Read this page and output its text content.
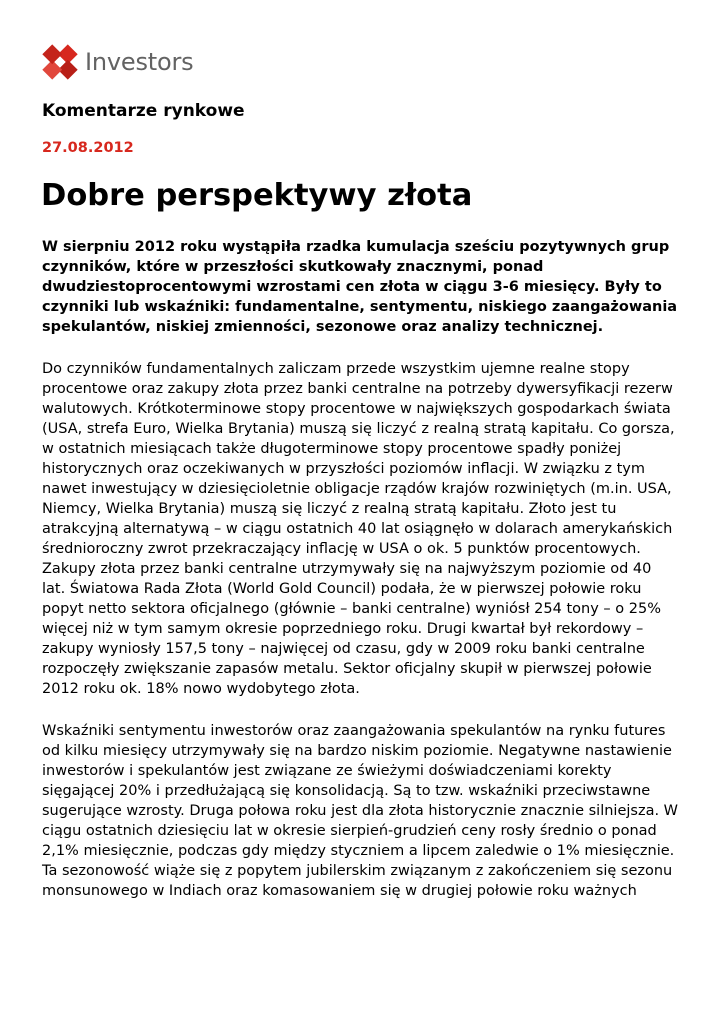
Investors
Komentarze rynkowe
27.08.2012
Dobre perspektywy złota

W sierpniu 2012 roku wystąpiła rzadka kumulacja sześciu pozytywnych grup
czynników, które w przeszłości skutkowały znacznymi, ponad
dwudziestoprocentowymi wzrostami cen złota w ciągu 3-6 miesięcy. Były to
czynniki lub wskaźniki: fundamentalne, sentymentu, niskiego zaangażowania
spekulantów, niskiej zmienności, sezonowe oraz analizy technicznej.

Do czynników fundamentalnych zaliczam przede wszystkim ujemne realne stopy
procentowe oraz zakupy złota przez banki centralne na potrzeby dywersyfikacji rezerw
walutowych. Krótkoterminowe stopy procentowe w największych gospodarkach świata
(USA, strefa Euro, Wielka Brytania) muszą się liczyć z realną stratą kapitału. Co gorsza,
w ostatnich miesiącach także długoterminowe stopy procentowe spadły poniżej
historycznych oraz oczekiwanych w przyszłości poziomów inflacji. W związku z tym
nawet inwestujący w dziesięcioletnie obligacje rządów krajów rozwiniętych (m.in. USA,
Niemcy, Wielka Brytania) muszą się liczyć z realną stratą kapitału. Złoto jest tu
atrakcyjną alternatywą – w ciągu ostatnich 40 lat osiągnęło w dolarach amerykańskich
średnioroczny zwrot przekraczający inflację w USA o ok. 5 punktów procentowych.
Zakupy złota przez banki centralne utrzymywały się na najwyższym poziomie od 40
lat. Światowa Rada Złota (World Gold Council) podała, że w pierwszej połowie roku
popyt netto sektora oficjalnego (głównie – banki centralne) wyniósł 254 tony – o 25%
więcej niż w tym samym okresie poprzedniego roku. Drugi kwartał był rekordowy –
zakupy wyniosły 157,5 tony – najwięcej od czasu, gdy w 2009 roku banki centralne
rozpoczęły zwiększanie zapasów metalu. Sektor oficjalny skupił w pierwszej połowie
2012 roku ok. 18% nowo wydobytego złota.

Wskaźniki sentymentu inwestorów oraz zaangażowania spekulantów na rynku futures
od kilku miesięcy utrzymywały się na bardzo niskim poziomie. Negatywne nastawienie
inwestorów i spekulantów jest związane ze świeżymi doświadczeniami korekty
sięgającej 20% i przedłużającą się konsolidacją. Są to tzw. wskaźniki przeciwstawne
sugerujące wzrosty. Druga połowa roku jest dla złota historycznie znacznie silniejsza. W
ciągu ostatnich dziesięciu lat w okresie sierpień-grudzień ceny rosły średnio o ponad
2,1% miesięcznie, podczas gdy między styczniem a lipcem zaledwie o 1% miesięcznie.
Ta sezonowość wiąże się z popytem jubilerskim związanym z zakończeniem się sezonu
monsunowego w Indiach oraz komasowaniem się w drugiej połowie roku ważnych
